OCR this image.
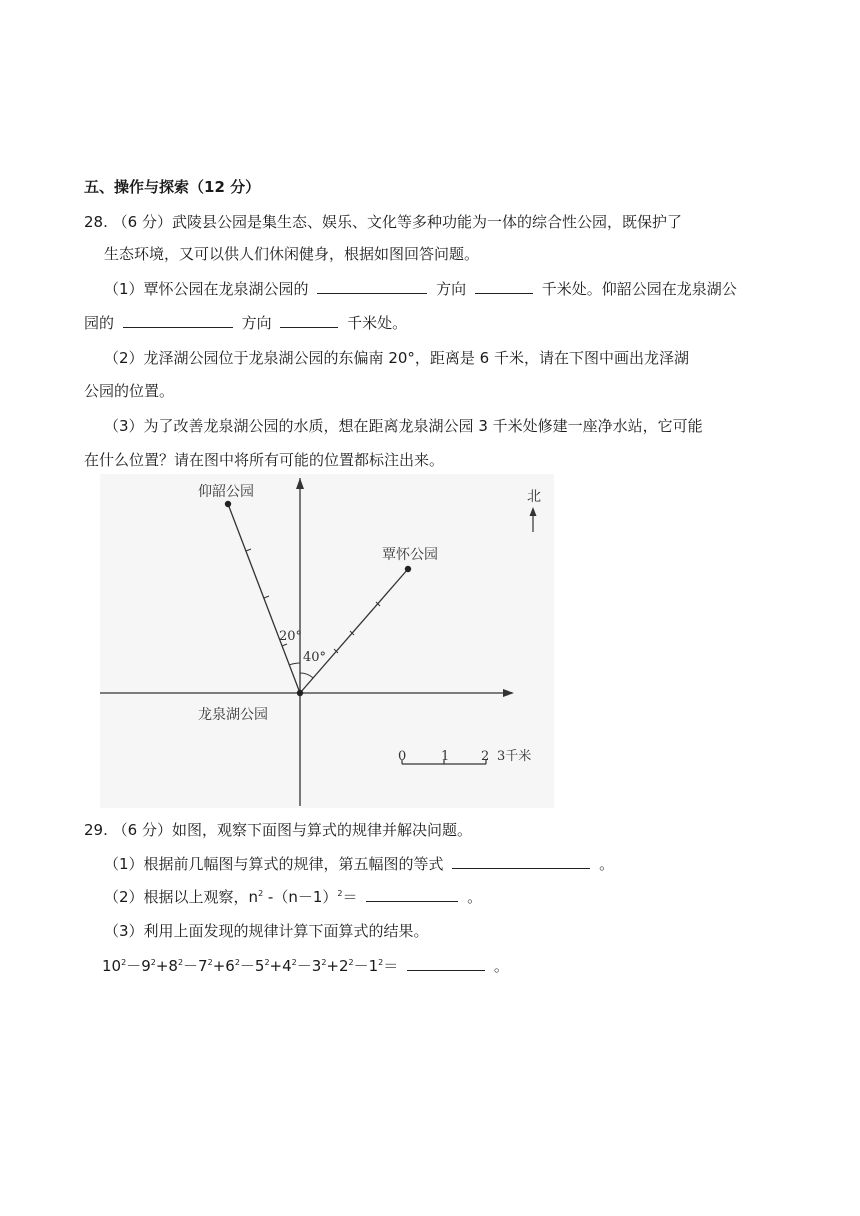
五、操作与探索（12 分）
28. （6 分）武陵县公园是集生态、娱乐、文化等多种功能为一体的综合性公园，既保护了
生态环境，又可以供人们休闲健身，根据如图回答问题。
（1）覃怀公园在龙泉湖公园的	方向	千米处。仰韶公园在龙泉湖公
园的	方向	千米处。
（2）龙泽湖公园位于龙泉湖公园的东偏南 20°，距离是 6 千米，请在下图中画出龙泽湖
公园的位置。
（3）为了改善龙泉湖公园的水质，想在距离龙泉湖公园 3 千米处修建一座净水站，它可能
在什么位置？请在图中将所有可能的位置都标注出来。
仰韶公园
覃怀公园
20°
40°
龙泉湖公园
北
0	1 2 3千米
29. （6 分）如图，观察下面图与算式的规律并解决问题。
（1）根据前几幅图与算式的规律，第五幅图的等式	。
（2）根据以上观察，$n^2$ $-(n-1)^2=$	。
（3）利用上面发现的规律计算下面算式的结果。
$10^2-9^2+8^2-7^2+6^2-5^2+4^2-3^2+2^2-1^2=$	。
